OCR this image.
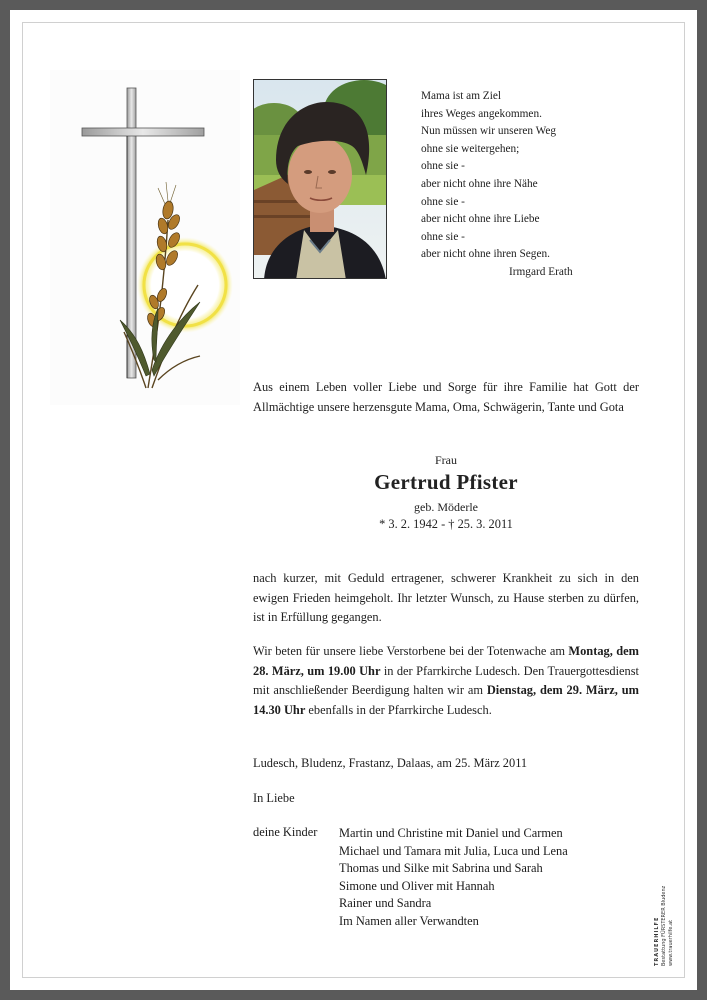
Mama ist am Ziel
ihres Weges angekommen.
Nun müssen wir unseren Weg
ohne sie weitergehen;
ohne sie -
aber nicht ohne ihre Nähe
ohne sie -
aber nicht ohne ihre Liebe
ohne sie -
aber nicht ohne ihren Segen.
Irmgard Erath
Aus einem Leben voller Liebe und Sorge für ihre Familie hat Gott der Allmächtige unsere herzensgute Mama, Oma, Schwägerin, Tante und Gota
Frau
Gertrud Pfister
geb. Möderle
* 3. 2. 1942 - † 25. 3. 2011
nach kurzer, mit Geduld ertragener, schwerer Krankheit zu sich in den ewigen Frieden heimgeholt. Ihr letzter Wunsch, zu Hause sterben zu dürfen, ist in Erfüllung gegangen.
Wir beten für unsere liebe Verstorbene bei der Totenwache am Montag, dem 28. März, um 19.00 Uhr in der Pfarrkirche Ludesch. Den Trauergottesdienst mit anschließender Beerdigung halten wir am Dienstag, dem 29. März, um 14.30 Uhr ebenfalls in der Pfarrkirche Ludesch.
Ludesch, Bludenz, Frastanz, Dalaas, am 25. März 2011
In Liebe
deine Kinder Martin und Christine mit Daniel und Carmen
Michael und Tamara mit Julia, Luca und Lena
Thomas und Silke mit Sabrina und Sarah
Simone und Oliver mit Hannah
Rainer und Sandra
Im Namen aller Verwandten	TRAUERHILFE Bestattung FÜRSTERER Bludenz www.trauerhilfe.at
